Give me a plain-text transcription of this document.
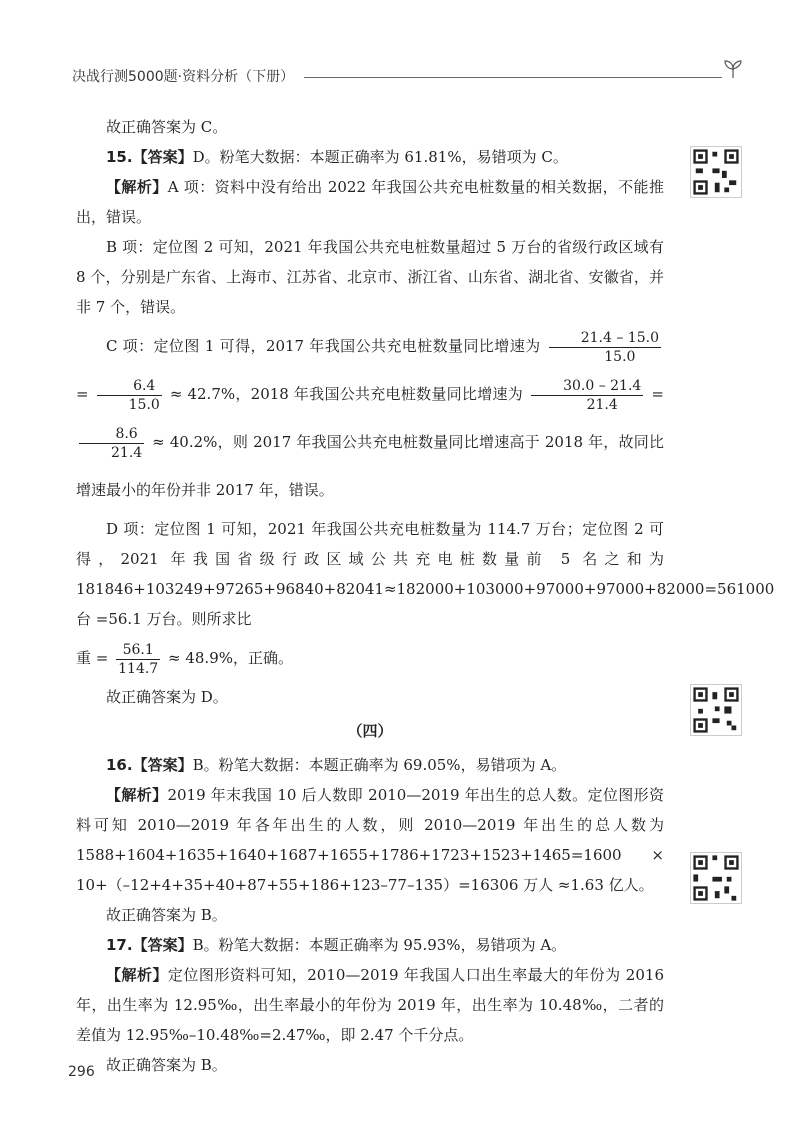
决战行测5000题·资料分析（下册）
故正确答案为 C。
15.【答案】D。粉笔大数据：本题正确率为 61.81%，易错项为 C。
【解析】A 项：资料中没有给出 2022 年我国公共充电桩数量的相关数据，不能推出，错误。
B 项：定位图 2 可知，2021 年我国公共充电桩数量超过 5 万台的省级行政区域有 8 个，分别是广东省、上海市、江苏省、北京市、浙江省、山东省、湖北省、安徽省，并非 7 个，错误。
C 项：定位图 1 可得，2017 年我国公共充电桩数量同比增速为 $\frac{21.4 - 15.0}{15.0}$
= $\frac{6.4}{15.0} \approx 42.7\%$，2018 年我国公共充电桩数量同比增速为 $\frac{30.0 - 21.4}{21.4}$ =
$\frac{8.6}{21.4} \approx 40.2\%$，则 2017 年我国公共充电桩数量同比增速高于 2018 年，故同比增速最小的年份并非 2017 年，错误。
D 项：定位图 1 可知，2021 年我国公共充电桩数量为 114.7 万台；定位图 2 可得，2021 年我国省级行政区域公共充电桩数量前 5 名之和为 181846+103249+97265+96840+82041≈182000+103000+97000+97000+82000=561000 台 =56.1 万台。则所求比
重 = $\frac{56.1}{114.7} \approx 48.9\%$，正确。
故正确答案为 D。
（四）
16.【答案】B。粉笔大数据：本题正确率为 69.05%，易错项为 A。
【解析】2019 年末我国 10 后人数即 2010—2019 年出生的总人数。定位图形资料可知 2010—2019 年各年出生的人数，则 2010—2019 年出生的总人数为 1588+1604+1635+1640+1687+1655+1786+1723+1523+1465=1600 × 10+（–12+4+35+40+87+55+186+123–77–135）=16306 万人 ≈1.63 亿人。
故正确答案为 B。
17.【答案】B。粉笔大数据：本题正确率为 95.93%，易错项为 A。
【解析】定位图形资料可知，2010—2019 年我国人口出生率最大的年份为 2016 年，出生率为 12.95‰，出生率最小的年份为 2019 年，出生率为 10.48‰，二者的差值为 12.95‰–10.48‰=2.47‰，即 2.47 个千分点。
故正确答案为 B。
296
